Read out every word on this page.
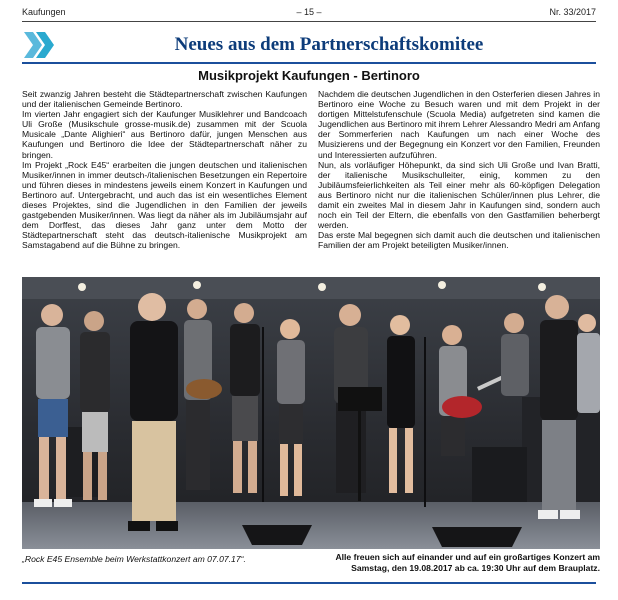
Kaufungen	– 15 –	Nr. 33/2017
Neues aus dem Partnerschaftskomitee
Musikprojekt Kaufungen - Bertinoro

Seit zwanzig Jahren besteht die Städtepartnerschaft zwischen Kaufungen und der italienischen Gemeinde Bertinoro.

Im vierten Jahr engagiert sich der Kaufunger Musiklehrer und Bandcoach Uli Große (Musikschule grosse-musik.de) zusammen mit der Scuola Musicale „Dante Alighieri“ aus Bertinoro dafür, jungen Menschen aus Kaufungen und Bertinoro die Idee der Städtepartnerschaft näher zu bringen.

Im Projekt „Rock E45“ erarbeiten die jungen deutschen und italienischen Musiker/innen in immer deutsch-/italienischen Besetzungen ein Repertoire und führen dieses in mindestens jeweils einem Konzert in Kaufungen und Bertinoro auf. Untergebracht, und auch das ist ein wesentliches Element dieses Projektes, sind die Jugendlichen in den Familien der jeweils gastgebenden Musiker/innen. Was liegt da näher als im Jubiläumsjahr auf dem Dorffest, das dieses Jahr ganz unter dem Motto der Städtepartnerschaft steht das deutsch-italienische Musikprojekt am Samstagabend auf die Bühne zu bringen.

Nachdem die deutschen Jugendlichen in den Osterferien diesen Jahres in Bertinoro eine Woche zu Besuch waren und mit dem Projekt in der dortigen Mittelstufenschule (Scuola Media) aufgetreten sind kamen die Jugendlichen aus Bertinoro mit ihrem Lehrer Alessandro Medri am Anfang der Sommerferien nach Kaufungen um nach einer Woche des Musizierens und der Begegnung ein Konzert vor den Familien, Freunden und Interessierten aufzuführen.

Nun, als vorläufiger Höhepunkt, da sind sich Uli Große und Ivan Bratti, der italienische Musikschulleiter, einig, kommen zu den Jubiläumsfeierlichkeiten als Teil einer mehr als 60-köpfigen Delegation aus Bertinoro nicht nur die italienischen Schüler/innen plus Lehrer, die damit ein zweites Mal in diesem Jahr in Kaufungen sind, sondern auch noch ein Teil der Eltern, die ebenfalls von den Gastfamilien beherbergt werden.

Das erste Mal begegnen sich damit auch die deutschen und italienischen Familien der am Projekt beteiligten Musiker/innen.

„Rock E45 Ensemble beim Werkstattkonzert am 07.07.17“.	Alle freuen sich auf einander und auf ein großartiges Konzert am Samstag, den 19.08.2017 ab ca. 19:30 Uhr auf dem Brauplatz.
